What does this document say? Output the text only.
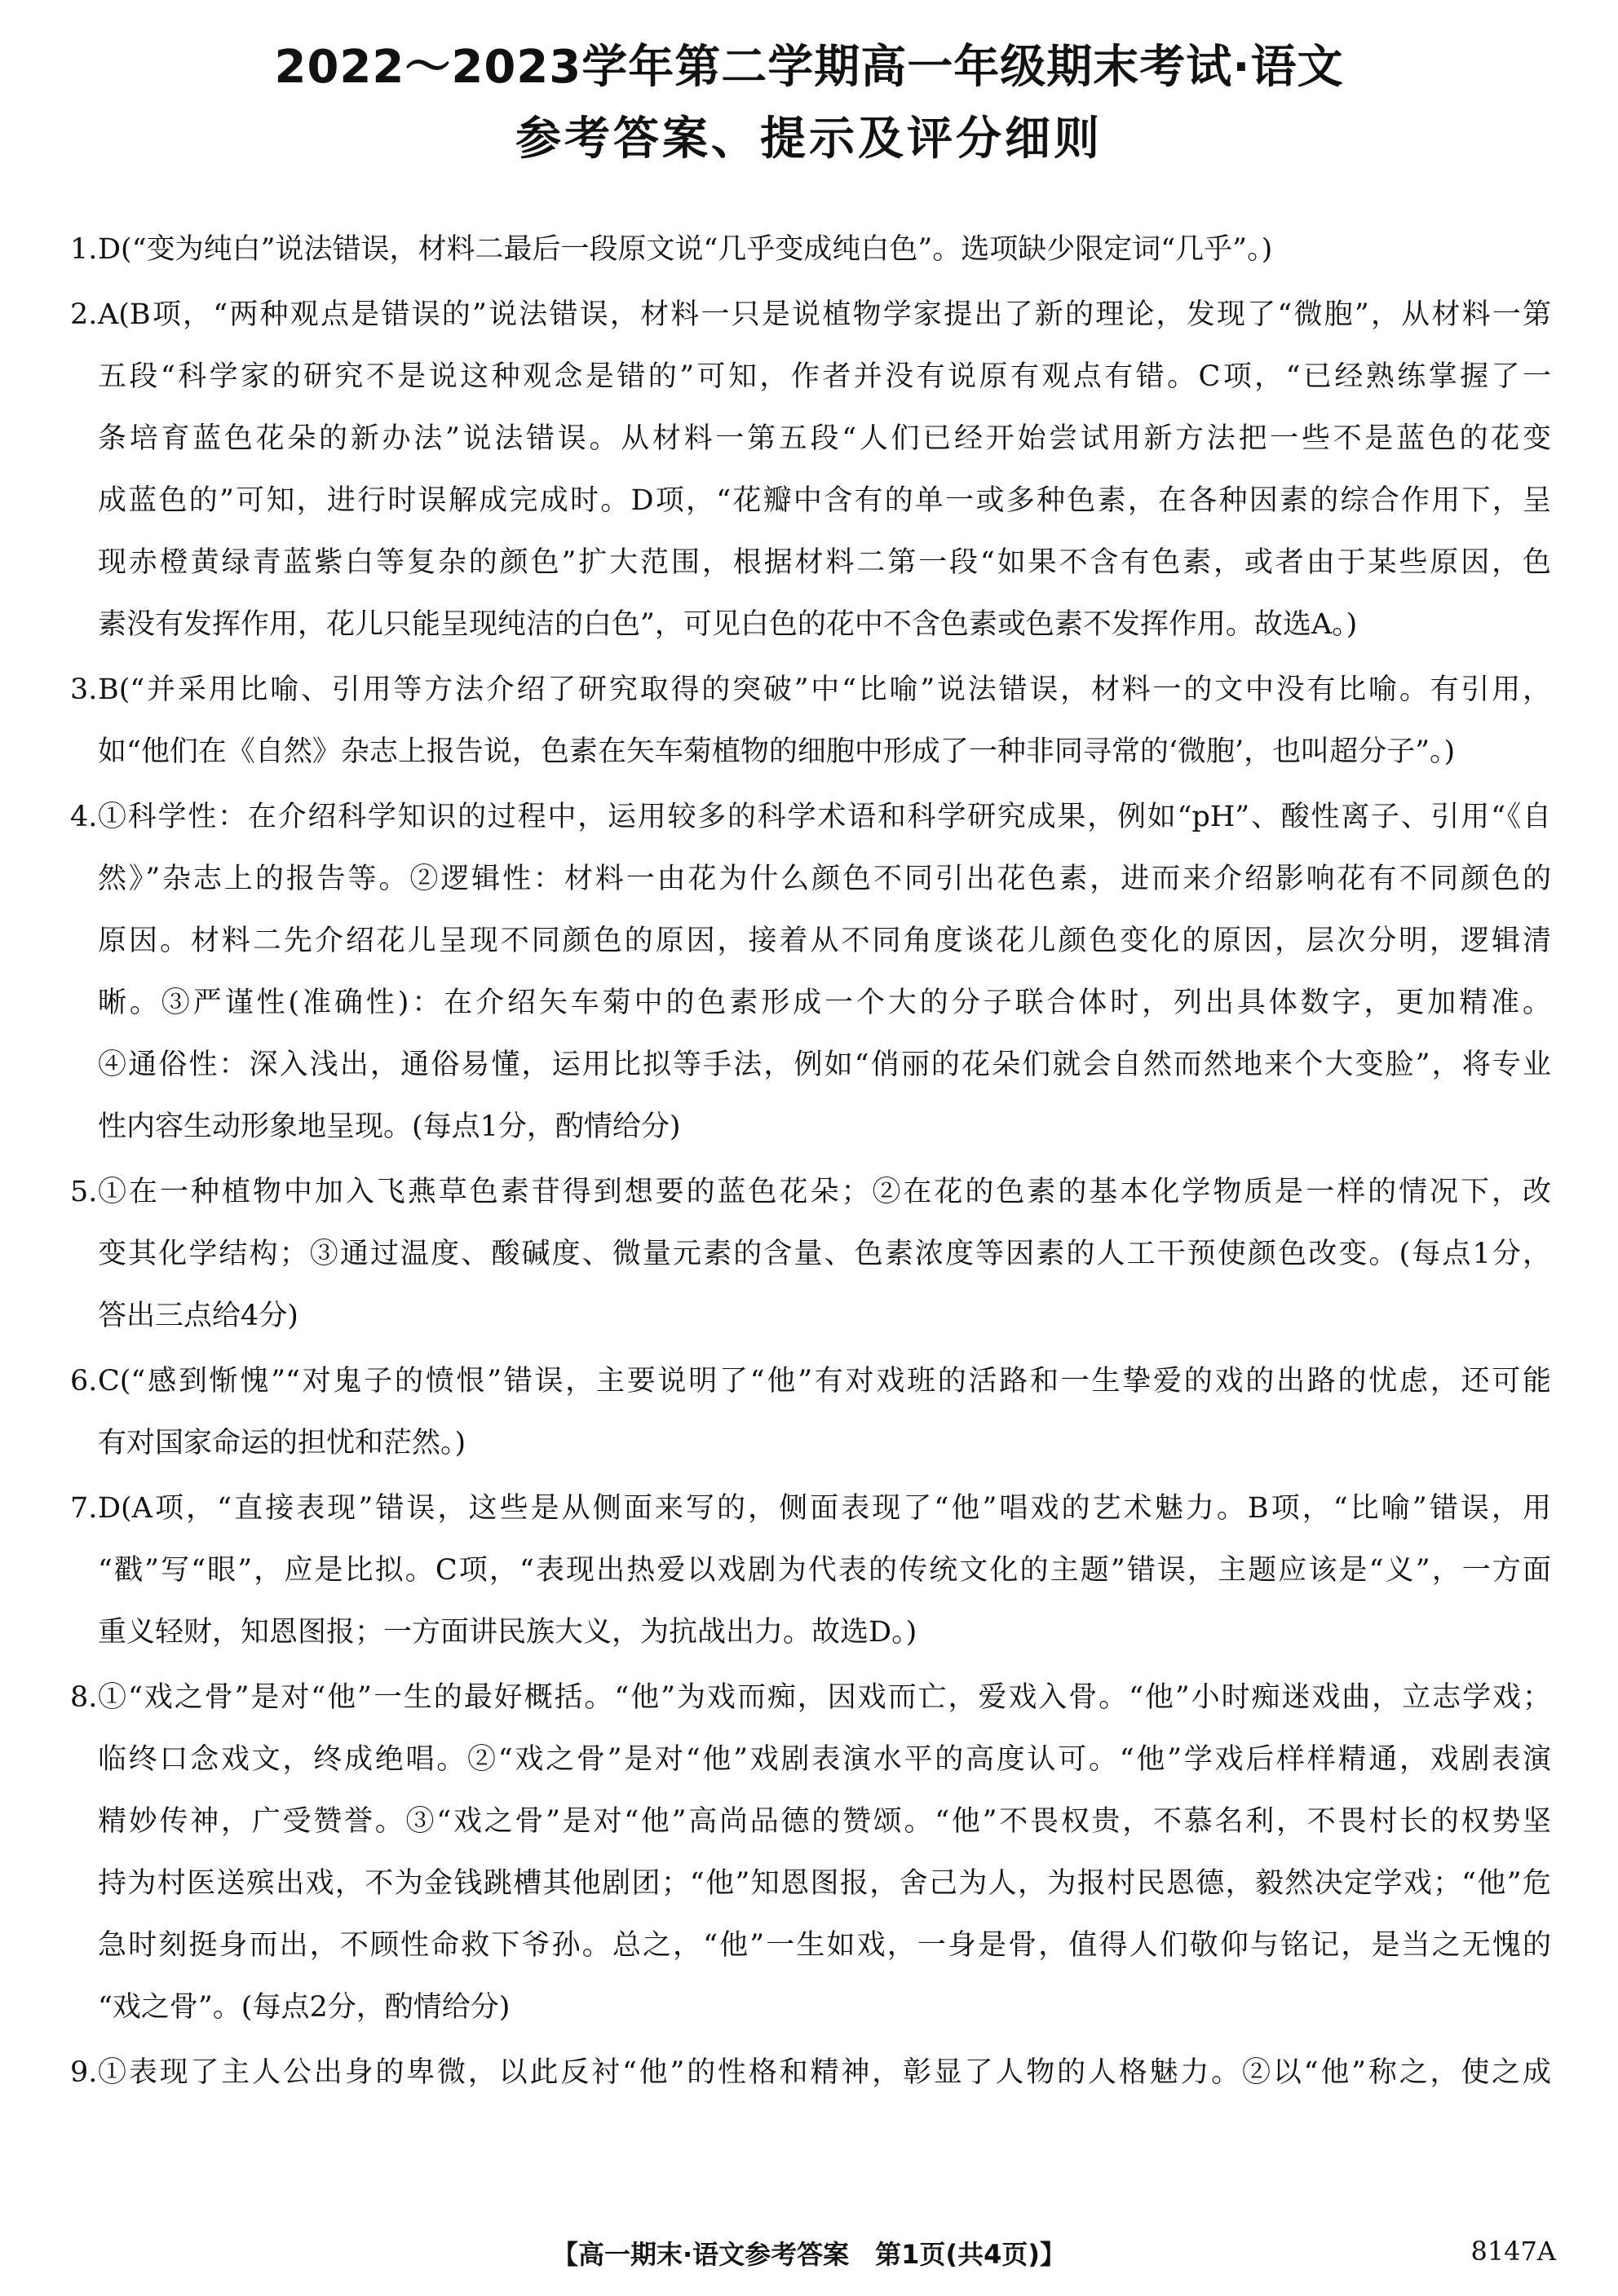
2022～2023学年第二学期高一年级期末考试·语文
参考答案、提示及评分细则
1. D(“变为纯白”说法错误，材料二最后一段原文说“几乎变成纯白色”。选项缺少限定词“几乎”。)
2. A(B项，“两种观点是错误的”说法错误，材料一只是说植物学家提出了新的理论，发现了“微胞”，从材料一第
五段“科学家的研究不是说这种观念是错的”可知，作者并没有说原有观点有错。C项，“已经熟练掌握了一
条培育蓝色花朵的新办法”说法错误。从材料一第五段“人们已经开始尝试用新方法把一些不是蓝色的花变
成蓝色的”可知，进行时误解成完成时。D项，“花瓣中含有的单一或多种色素，在各种因素的综合作用下，呈
现赤橙黄绿青蓝紫白等复杂的颜色”扩大范围，根据材料二第一段“如果不含有色素，或者由于某些原因，色
素没有发挥作用，花儿只能呈现纯洁的白色”，可见白色的花中不含色素或色素不发挥作用。故选A。)
3. B(“并采用比喻、引用等方法介绍了研究取得的突破”中“比喻”说法错误，材料一的文中没有比喻。有引用，
如“他们在《自然》杂志上报告说，色素在矢车菊植物的细胞中形成了一种非同寻常的‘微胞’，也叫超分子”。)
4. ①科学性：在介绍科学知识的过程中，运用较多的科学术语和科学研究成果，例如“pH”、酸性离子、引用“《自
然》”杂志上的报告等。②逻辑性：材料一由花为什么颜色不同引出花色素，进而来介绍影响花有不同颜色的
原因。材料二先介绍花儿呈现不同颜色的原因，接着从不同角度谈花儿颜色变化的原因，层次分明，逻辑清
晰。③严谨性(准确性)：在介绍矢车菊中的色素形成一个大的分子联合体时，列出具体数字，更加精准。
④通俗性：深入浅出，通俗易懂，运用比拟等手法，例如“俏丽的花朵们就会自然而然地来个大变脸”，将专业
性内容生动形象地呈现。(每点1分，酌情给分)
5. ①在一种植物中加入飞燕草色素苷得到想要的蓝色花朵；②在花的色素的基本化学物质是一样的情况下，改
变其化学结构；③通过温度、酸碱度、微量元素的含量、色素浓度等因素的人工干预使颜色改变。(每点1分，
答出三点给4分)
6. C(“感到惭愧”“对鬼子的愤恨”错误，主要说明了“他”有对戏班的活路和一生挚爱的戏的出路的忧虑，还可能
有对国家命运的担忧和茫然。)
7. D(A项，“直接表现”错误，这些是从侧面来写的，侧面表现了“他”唱戏的艺术魅力。B项，“比喻”错误，用
“戳”写“眼”，应是比拟。C项，“表现出热爱以戏剧为代表的传统文化的主题”错误，主题应该是“义”，一方面
重义轻财，知恩图报；一方面讲民族大义，为抗战出力。故选D。)
8. ①“戏之骨”是对“他”一生的最好概括。“他”为戏而痴，因戏而亡，爱戏入骨。“他”小时痴迷戏曲，立志学戏；
临终口念戏文，终成绝唱。②“戏之骨”是对“他”戏剧表演水平的高度认可。“他”学戏后样样精通，戏剧表演
精妙传神，广受赞誉。③“戏之骨”是对“他”高尚品德的赞颂。“他”不畏权贵，不慕名利，不畏村长的权势坚
持为村医送殡出戏，不为金钱跳槽其他剧团；“他”知恩图报，舍己为人，为报村民恩德，毅然决定学戏；“他”危
急时刻挺身而出，不顾性命救下爷孙。总之，“他”一生如戏，一身是骨，值得人们敬仰与铭记，是当之无愧的
“戏之骨”。(每点2分，酌情给分)
9. ①表现了主人公出身的卑微，以此反衬“他”的性格和精神，彰显了人物的人格魅力。②以“他”称之，使之成
【高一期末·语文参考答案　第1页(共4页)】	8147A
